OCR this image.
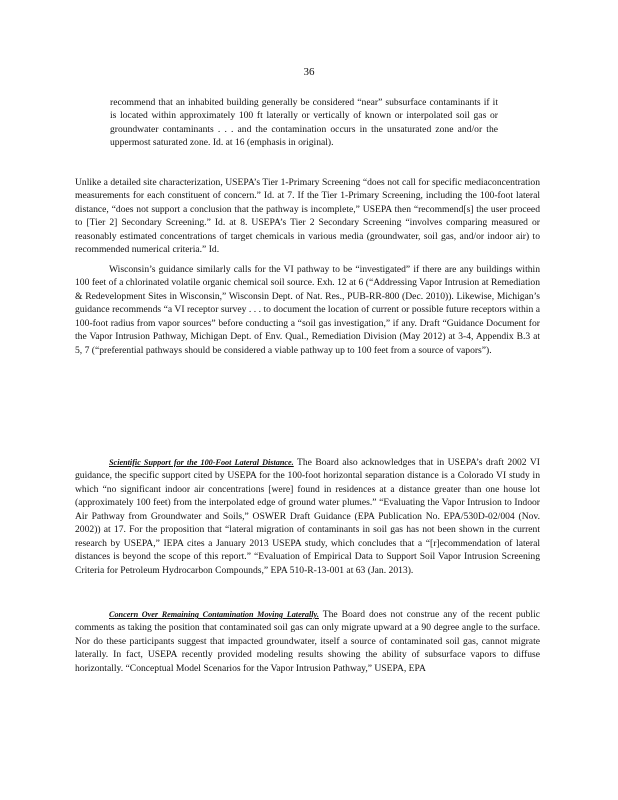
36

recommend that an inhabited building generally be considered “near” subsurface contaminants if it is located within approximately 100 ft laterally or vertically of known or interpolated soil gas or groundwater contaminants . . . and the contamination occurs in the unsaturated zone and/or the uppermost saturated zone. Id. at 16 (emphasis in original).

Unlike a detailed site characterization, USEPA’s Tier 1-Primary Screening “does not call for specific mediaconcentration measurements for each constituent of concern.” Id. at 7. If the Tier 1-Primary Screening, including the 100-foot lateral distance, “does not support a conclusion that the pathway is incomplete,” USEPA then “recommend[s] the user proceed to [Tier 2] Secondary Screening.” Id. at 8. USEPA’s Tier 2 Secondary Screening “involves comparing measured or reasonably estimated concentrations of target chemicals in various media (groundwater, soil gas, and/or indoor air) to recommended numerical criteria.” Id.

Wisconsin’s guidance similarly calls for the VI pathway to be “investigated” if there are any buildings within 100 feet of a chlorinated volatile organic chemical soil source. Exh. 12 at 6 (“Addressing Vapor Intrusion at Remediation & Redevelopment Sites in Wisconsin,” Wisconsin Dept. of Nat. Res., PUB-RR-800 (Dec. 2010)). Likewise, Michigan’s guidance recommends “a VI receptor survey . . . to document the location of current or possible future receptors within a 100-foot radius from vapor sources” before conducting a “soil gas investigation,” if any. Draft “Guidance Document for the Vapor Intrusion Pathway, Michigan Dept. of Env. Qual., Remediation Division (May 2012) at 3-4, Appendix B.3 at 5, 7 (“preferential pathways should be considered a viable pathway up to 100 feet from a source of vapors”).

Scientific Support for the 100-Foot Lateral Distance. The Board also acknowledges that in USEPA’s draft 2002 VI guidance, the specific support cited by USEPA for the 100-foot horizontal separation distance is a Colorado VI study in which “no significant indoor air concentrations [were] found in residences at a distance greater than one house lot (approximately 100 feet) from the interpolated edge of ground water plumes.” “Evaluating the Vapor Intrusion to Indoor Air Pathway from Groundwater and Soils,” OSWER Draft Guidance (EPA Publication No. EPA/530D-02/004 (Nov. 2002)) at 17. For the proposition that “lateral migration of contaminants in soil gas has not been shown in the current research by USEPA,” IEPA cites a January 2013 USEPA study, which concludes that a “[r]ecommendation of lateral distances is beyond the scope of this report.” “Evaluation of Empirical Data to Support Soil Vapor Intrusion Screening Criteria for Petroleum Hydrocarbon Compounds,” EPA 510-R-13-001 at 63 (Jan. 2013).

Concern Over Remaining Contamination Moving Laterally. The Board does not construe any of the recent public comments as taking the position that contaminated soil gas can only migrate upward at a 90 degree angle to the surface. Nor do these participants suggest that impacted groundwater, itself a source of contaminated soil gas, cannot migrate laterally. In fact, USEPA recently provided modeling results showing the ability of subsurface vapors to diffuse horizontally. “Conceptual Model Scenarios for the Vapor Intrusion Pathway,” USEPA, EPA
